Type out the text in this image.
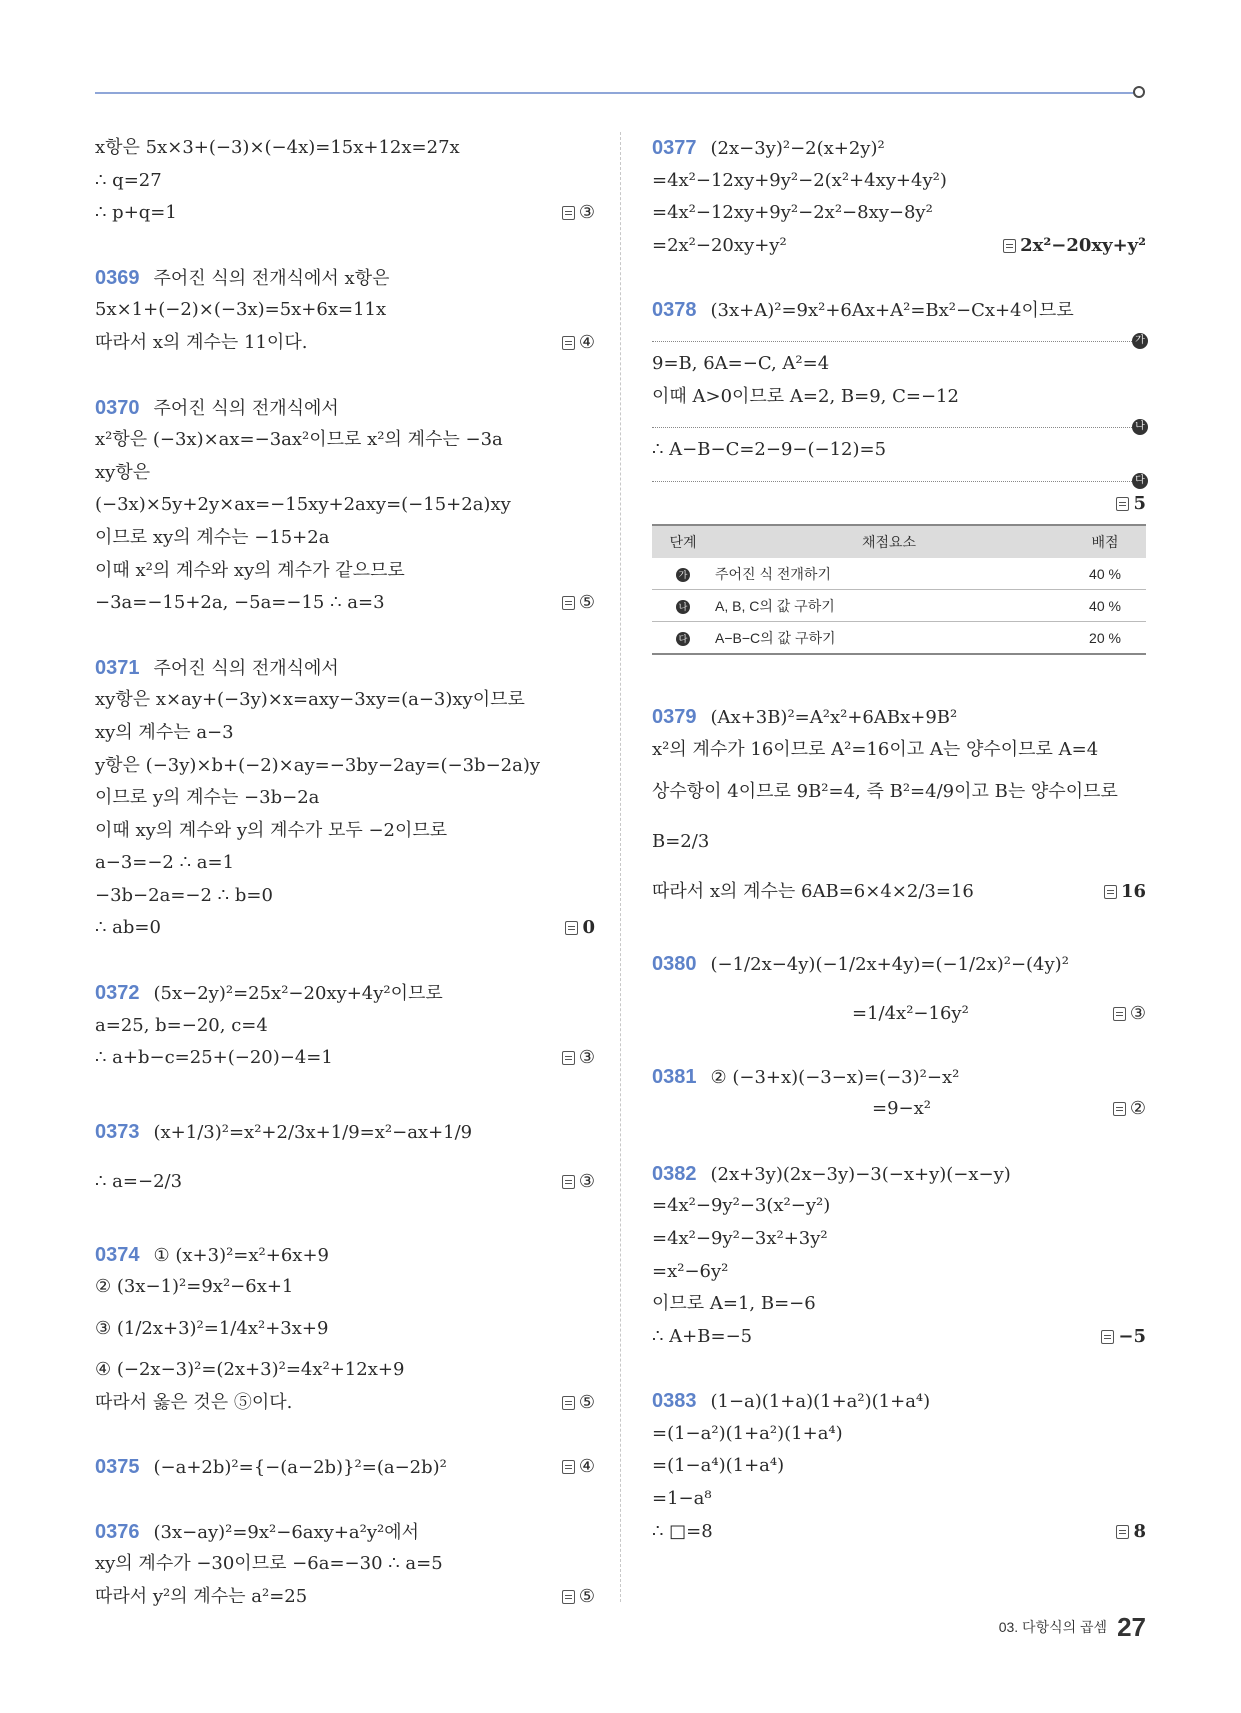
x항은 5x×3+(−3)×(−4x)=15x+12x=27x
∴ q=27
∴ p+q=1	③
0369 주어진 식의 전개식에서 x항은
5x×1+(−2)×(−3x)=5x+6x=11x
따라서 x의 계수는 11이다.	④
0370 주어진 식의 전개식에서
x²항은 (−3x)×ax=−3ax²이므로 x²의 계수는 −3a
xy항은
(−3x)×5y+2y×ax=−15xy+2axy=(−15+2a)xy
이므로 xy의 계수는 −15+2a
이때 x²의 계수와 xy의 계수가 같으므로
−3a=−15+2a, −5a=−15 ∴ a=3	⑤
0371 주어진 식의 전개식에서
xy항은 x×ay+(−3y)×x=axy−3xy=(a−3)xy이므로
xy의 계수는 a−3
y항은 (−3y)×b+(−2)×ay=−3by−2ay=(−3b−2a)y
이므로 y의 계수는 −3b−2a
이때 xy의 계수와 y의 계수가 모두 −2이므로
a−3=−2 ∴ a=1
−3b−2a=−2 ∴ b=0
∴ ab=0	0
0372 (5x−2y)²=25x²−20xy+4y²이므로
a=25, b=−20, c=4
∴ a+b−c=25+(−20)−4=1	③
0373 (x+1/3)²=x²+2/3x+1/9=x²−ax+1/9
∴ a=−2/3	③
0374 ① (x+3)²=x²+6x+9
② (3x−1)²=9x²−6x+1
③ (1/2x+3)²=1/4x²+3x+9
④ (−2x−3)²=(2x+3)²=4x²+12x+9
따라서 옳은 것은 ⑤이다.	⑤
0375 (−a+2b)²={−(a−2b)}²=(a−2b)²	④
0376 (3x−ay)²=9x²−6axy+a²y²에서
xy의 계수가 −30이므로 −6a=−30 ∴ a=5
따라서 y²의 계수는 a²=25	⑤
0377 (2x−3y)²−2(x+2y)²
=4x²−12xy+9y²−2(x²+4xy+4y²)
=4x²−12xy+9y²−2x²−8xy−8y²
=2x²−20xy+y²	2x²−20xy+y²
0378 (3x+A)²=9x²+6Ax+A²=Bx²−Cx+4이므로
가
9=B, 6A=−C, A²=4
이때 A>0이므로 A=2, B=9, C=−12
나
∴ A−B−C=2−9−(−12)=5
다
5
단계	채점요소	배점
가	주어진 식 전개하기	40 %
나	A, B, C의 값 구하기	40 %
다	A−B−C의 값 구하기	20 %
0379 (Ax+3B)²=A²x²+6ABx+9B²
x²의 계수가 16이므로 A²=16이고 A는 양수이므로 A=4
상수항이 4이므로 9B²=4, 즉 B²=4/9이고 B는 양수이므로
B=2/3
따라서 x의 계수는 6AB=6×4×2/3=16	16
0380 (−1/2x−4y)(−1/2x+4y)=(−1/2x)²−(4y)²
=1/4x²−16y²	③
0381 ② (−3+x)(−3−x)=(−3)²−x²
=9−x²	②
0382 (2x+3y)(2x−3y)−3(−x+y)(−x−y)
=4x²−9y²−3(x²−y²)
=4x²−9y²−3x²+3y²
=x²−6y²
이므로 A=1, B=−6
∴ A+B=−5	−5
0383 (1−a)(1+a)(1+a²)(1+a⁴)
=(1−a²)(1+a²)(1+a⁴)
=(1−a⁴)(1+a⁴)
=1−a⁸
∴ □=8	8
03. 다항식의 곱셈 27
